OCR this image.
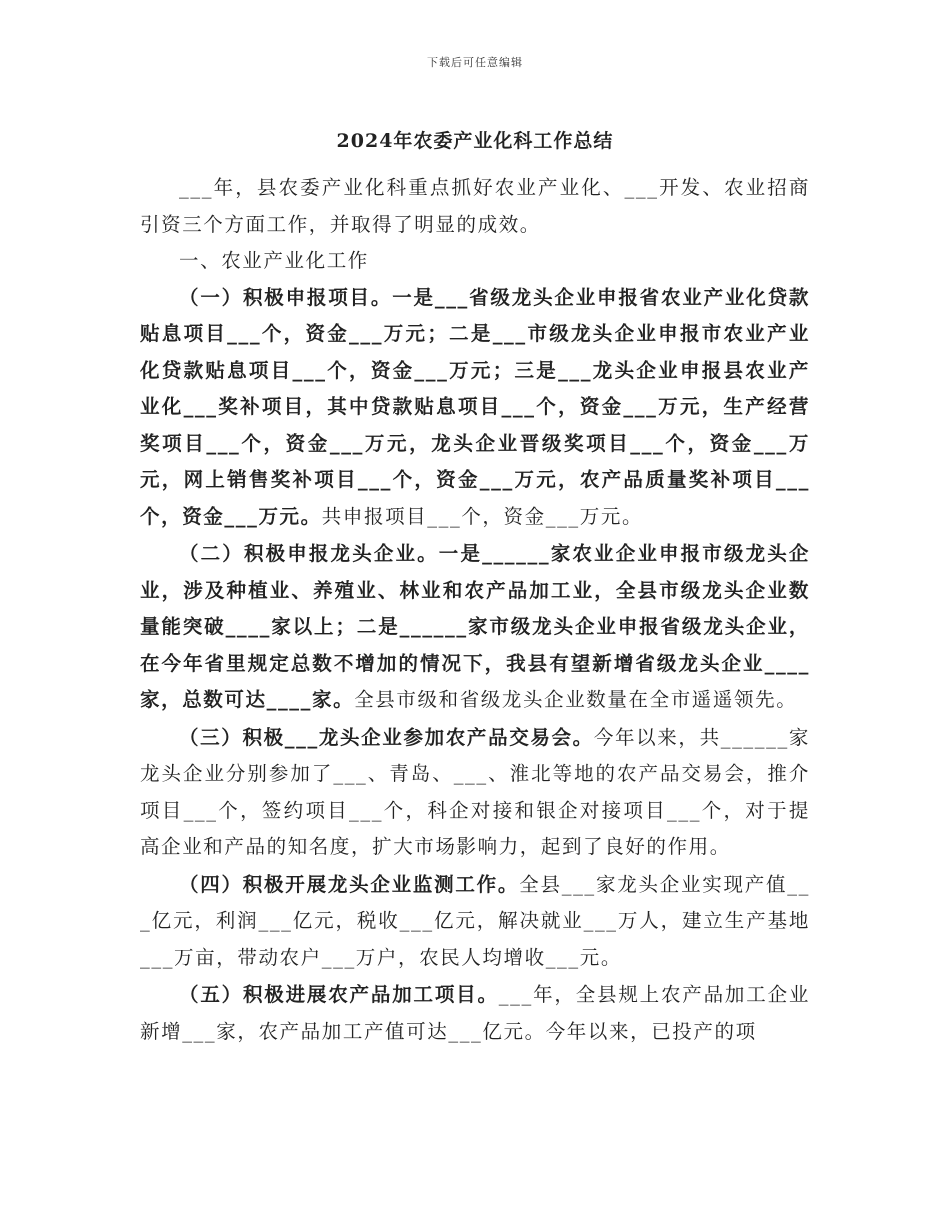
下载后可任意编辑
2024年农委产业化科工作总结

___年，县农委产业化科重点抓好农业产业化、___开发、农业招商引资三个方面工作，并取得了明显的成效。

一、农业产业化工作

（一）积极申报项目。一是___省级龙头企业申报省农业产业化贷款贴息项目___个，资金___万元；二是___市级龙头企业申报市农业产业化贷款贴息项目___个，资金___万元；三是___龙头企业申报县农业产业化___奖补项目，其中贷款贴息项目___个，资金___万元，生产经营奖项目___个，资金___万元，龙头企业晋级奖项目___个，资金___万元，网上销售奖补项目___个，资金___万元，农产品质量奖补项目___个，资金___万元。共申报项目___个，资金___万元。

（二）积极申报龙头企业。一是______家农业企业申报市级龙头企业，涉及种植业、养殖业、林业和农产品加工业，全县市级龙头企业数量能突破____家以上；二是______家市级龙头企业申报省级龙头企业，在今年省里规定总数不增加的情况下，我县有望新增省级龙头企业____家，总数可达____家。全县市级和省级龙头企业数量在全市遥遥领先。

（三）积极___龙头企业参加农产品交易会。今年以来，共______家龙头企业分别参加了___、青岛、___、淮北等地的农产品交易会，推介项目___个，签约项目___个，科企对接和银企对接项目___个，对于提高企业和产品的知名度，扩大市场影响力，起到了良好的作用。

（四）积极开展龙头企业监测工作。全县___家龙头企业实现产值___亿元，利润___亿元，税收___亿元，解决就业___万人，建立生产基地___万亩，带动农户___万户，农民人均增收___元。

（五）积极进展农产品加工项目。___年，全县规上农产品加工企业新增___家，农产品加工产值可达___亿元。今年以来，已投产的项
